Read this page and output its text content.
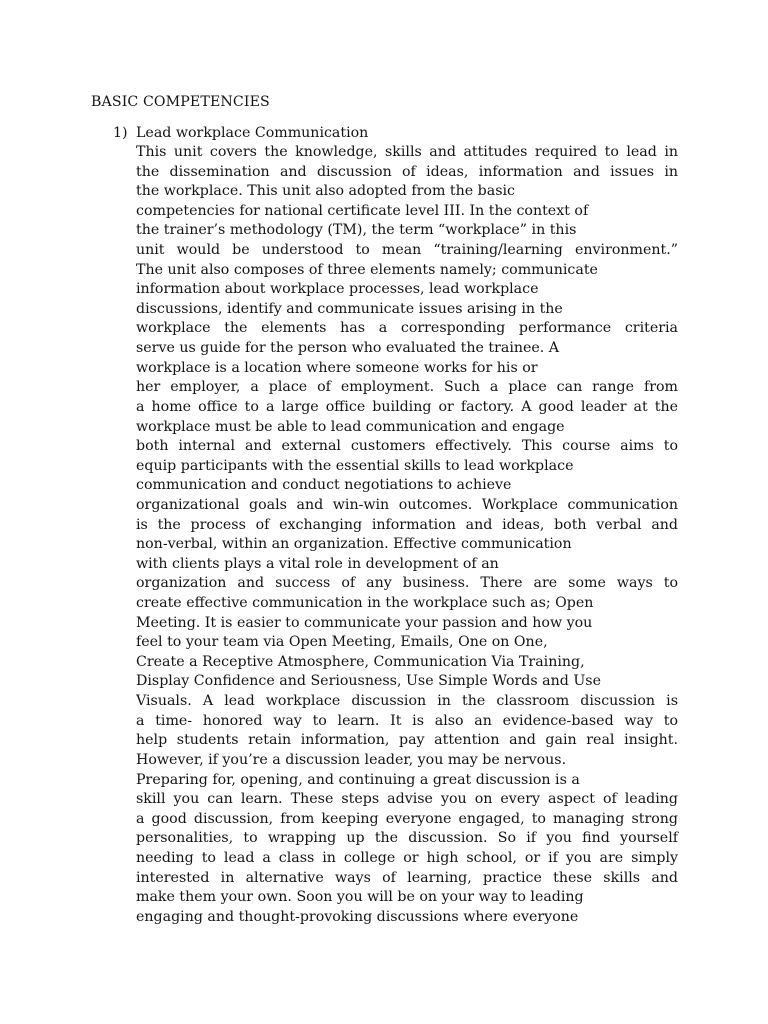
BASIC COMPETENCIES
1) Lead workplace Communication
This unit covers the knowledge, skills and attitudes required to lead in
the dissemination and discussion of ideas, information and issues in
the workplace. This unit also adopted from the basic
competencies for national certificate level III. In the context of
the trainer’s methodology (TM), the term “workplace” in this
unit would be understood to mean “training/learning environment.”
The unit also composes of three elements namely; communicate
information about workplace processes, lead workplace
discussions, identify and communicate issues arising in the
workplace the elements has a corresponding performance criteria
serve us guide for the person who evaluated the trainee. A
workplace is a location where someone works for his or
her employer, a place of employment. Such a place can range from
a home office to a large office building or factory. A good leader at the
workplace must be able to lead communication and engage
both internal and external customers effectively. This course aims to
equip participants with the essential skills to lead workplace
communication and conduct negotiations to achieve
organizational goals and win-win outcomes. Workplace communication
is the process of exchanging information and ideas, both verbal and
non-verbal, within an organization. Effective communication
with clients plays a vital role in development of an
organization and success of any business. There are some ways to
create effective communication in the workplace such as; Open
Meeting. It is easier to communicate your passion and how you
feel to your team via Open Meeting, Emails, One on One,
Create a Receptive Atmosphere, Communication Via Training,
Display Confidence and Seriousness, Use Simple Words and Use
Visuals. A lead workplace discussion in the classroom discussion is
a time- honored way to learn. It is also an evidence-based way to
help students retain information, pay attention and gain real insight.
However, if you’re a discussion leader, you may be nervous.
Preparing for, opening, and continuing a great discussion is a
skill you can learn. These steps advise you on every aspect of leading
a good discussion, from keeping everyone engaged, to managing strong
personalities, to wrapping up the discussion. So if you find yourself
needing to lead a class in college or high school, or if you are simply
interested in alternative ways of learning, practice these skills and
make them your own. Soon you will be on your way to leading
engaging and thought-provoking discussions where everyone
